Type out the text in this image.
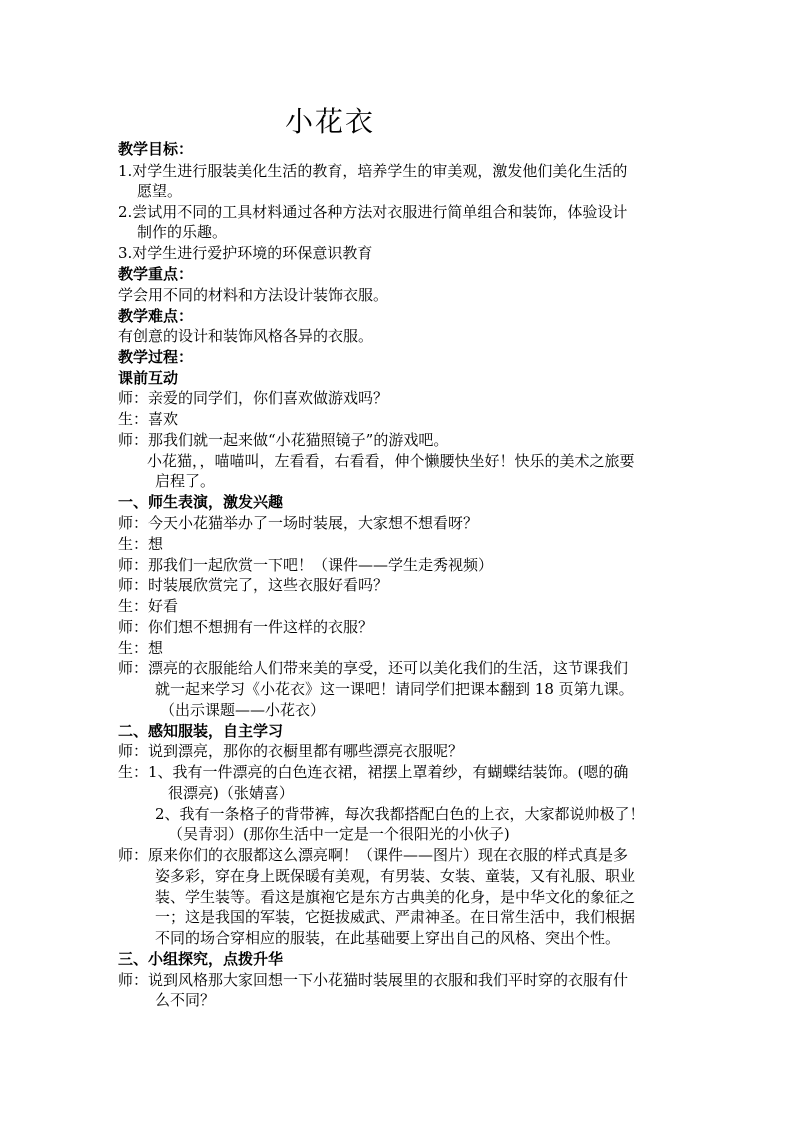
小花衣
教学目标：
1.对学生进行服装美化生活的教育，培养学生的审美观，激发他们美化生活的
愿望。
2.尝试用不同的工具材料通过各种方法对衣服进行简单组合和装饰，体验设计
制作的乐趣。
3.对学生进行爱护环境的环保意识教育
教学重点：
学会用不同的材料和方法设计装饰衣服。
教学难点：
有创意的设计和装饰风格各异的衣服。
教学过程：
课前互动
师：亲爱的同学们，你们喜欢做游戏吗？
生：喜欢
师：那我们就一起来做“小花猫照镜子”的游戏吧。
小花猫，，喵喵叫，左看看，右看看，伸个懒腰快坐好！快乐的美术之旅要
启程了。
一、师生表演，激发兴趣
师：今天小花猫举办了一场时装展，大家想不想看呀？
生：想
师：那我们一起欣赏一下吧！（课件——学生走秀视频）
师：时装展欣赏完了，这些衣服好看吗？
生：好看
师：你们想不想拥有一件这样的衣服？
生：想
师：漂亮的衣服能给人们带来美的享受，还可以美化我们的生活，这节课我们
就一起来学习《小花衣》这一课吧！请同学们把课本翻到 18 页第九课。
（出示课题——小花衣）
二、感知服装，自主学习
师：说到漂亮，那你的衣橱里都有哪些漂亮衣服呢？
生：1、我有一件漂亮的白色连衣裙，裙摆上罩着纱，有蝴蝶结装饰。(嗯的确
很漂亮)（张婧喜）
2、我有一条格子的背带裤，每次我都搭配白色的上衣，大家都说帅极了！
（吴青羽）(那你生活中一定是一个很阳光的小伙子)
师：原来你们的衣服都这么漂亮啊！（课件——图片）现在衣服的样式真是多
姿多彩，穿在身上既保暖有美观，有男装、女装、童装，又有礼服、职业
装、学生装等。看这是旗袍它是东方古典美的化身，是中华文化的象征之
一；这是我国的军装，它挺拔威武、严肃神圣。在日常生活中，我们根据
不同的场合穿相应的服装，在此基础要上穿出自己的风格、突出个性。
三、小组探究，点拨升华
师：说到风格那大家回想一下小花猫时装展里的衣服和我们平时穿的衣服有什
么不同？
